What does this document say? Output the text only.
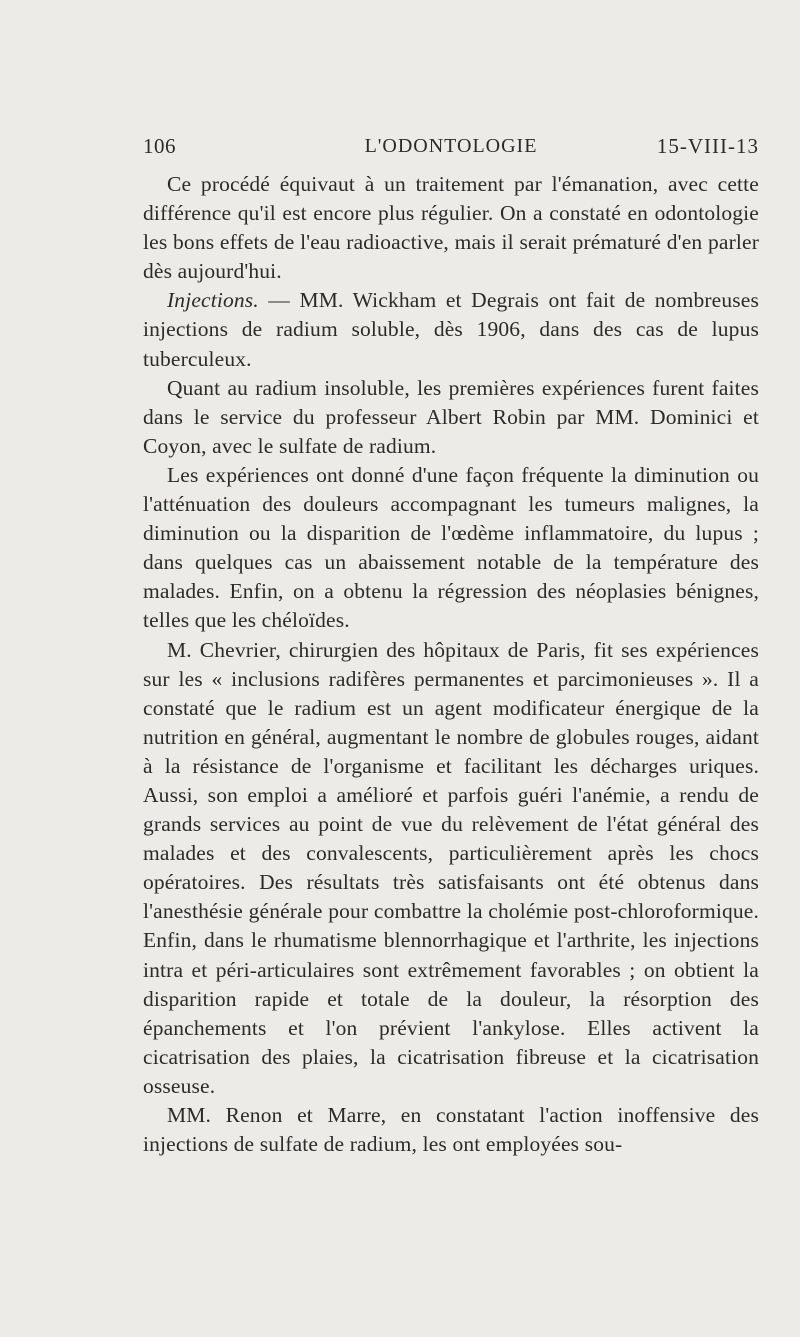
106	L'ODONTOLOGIE	15-VIII-13

Ce procédé équivaut à un traitement par l'émanation, avec cette différence qu'il est encore plus régulier. On a constaté en odontologie les bons effets de l'eau radioactive, mais il serait prématuré d'en parler dès aujourd'hui.

Injections. — MM. Wickham et Degrais ont fait de nombreuses injections de radium soluble, dès 1906, dans des cas de lupus tuberculeux.

Quant au radium insoluble, les premières expériences furent faites dans le service du professeur Albert Robin par MM. Dominici et Coyon, avec le sulfate de radium.

Les expériences ont donné d'une façon fréquente la diminution ou l'atténuation des douleurs accompagnant les tumeurs malignes, la diminution ou la disparition de l'œdème inflammatoire, du lupus ; dans quelques cas un abaissement notable de la température des malades. Enfin, on a obtenu la régression des néoplasies bénignes, telles que les chéloïdes.

M. Chevrier, chirurgien des hôpitaux de Paris, fit ses expériences sur les « inclusions radifères permanentes et parcimonieuses ». Il a constaté que le radium est un agent modificateur énergique de la nutrition en général, augmentant le nombre de globules rouges, aidant à la résistance de l'organisme et facilitant les décharges uriques. Aussi, son emploi a amélioré et parfois guéri l'anémie, a rendu de grands services au point de vue du relèvement de l'état général des malades et des convalescents, particulièrement après les chocs opératoires. Des résultats très satisfaisants ont été obtenus dans l'anesthésie générale pour combattre la cholémie post-chloroformique. Enfin, dans le rhumatisme blennorrhagique et l'arthrite, les injections intra et péri-articulaires sont extrêmement favorables ; on obtient la disparition rapide et totale de la douleur, la résorption des épanchements et l'on prévient l'ankylose. Elles activent la cicatrisation des plaies, la cicatrisation fibreuse et la cicatrisation osseuse.

MM. Renon et Marre, en constatant l'action inoffensive des injections de sulfate de radium, les ont employées sou-
